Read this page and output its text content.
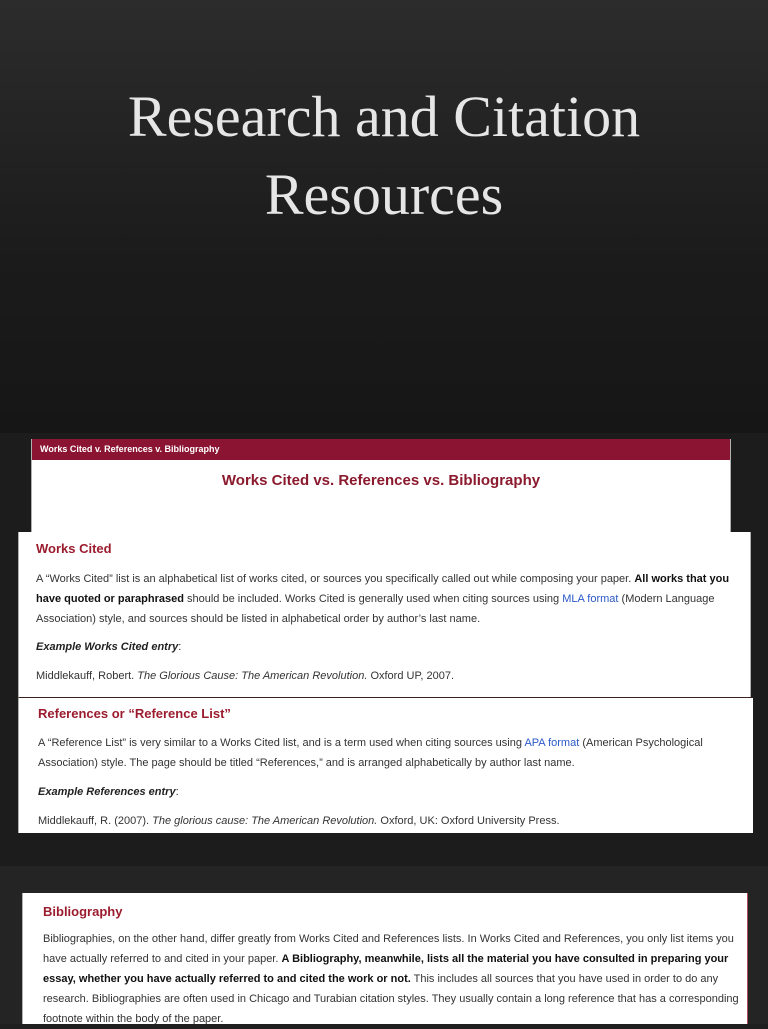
Research and Citation
Resources
Works Cited v. References v. Bibliography

Works Cited vs. References vs. Bibliography

Works Cited

A “Works Cited” list is an alphabetical list of works cited, or sources you specifically called out while composing your paper. All works that you have quoted or paraphrased should be included. Works Cited is generally used when citing sources using MLA format (Modern Language Association) style, and sources should be listed in alphabetical order by author’s last name.

Example Works Cited entry:

Middlekauff, Robert. The Glorious Cause: The American Revolution. Oxford UP, 2007.

References or “Reference List”

A “Reference List” is very similar to a Works Cited list, and is a term used when citing sources using APA format (American Psychological Association) style. The page should be titled “References,” and is arranged alphabetically by author last name.

Example References entry:

Middlekauff, R. (2007). The glorious cause: The American Revolution. Oxford, UK: Oxford University Press.

Bibliography

Bibliographies, on the other hand, differ greatly from Works Cited and References lists. In Works Cited and References, you only list items you have actually referred to and cited in your paper. A Bibliography, meanwhile, lists all the material you have consulted in preparing your essay, whether you have actually referred to and cited the work or not. This includes all sources that you have used in order to do any research. Bibliographies are often used in Chicago and Turabian citation styles. They usually contain a long reference that has a corresponding footnote within the body of the paper.
